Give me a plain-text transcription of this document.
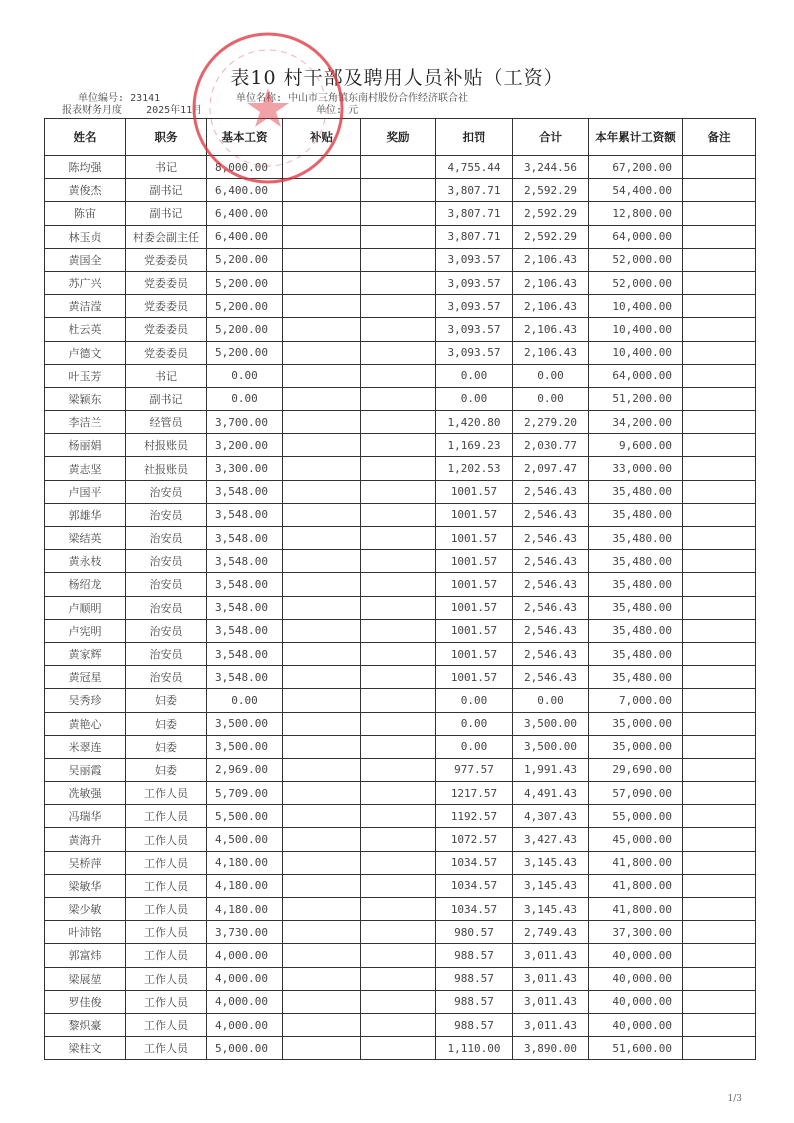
表10 村干部及聘用人员补贴（工资）
单位编号: 23141	单位名称: 中山市三角镇东南村股份合作经济联合社
报表财务月度 2025年11月	单位: 元
姓名	职务	基本工资	补贴	奖励	扣罚	合计	本年累计工资额	备注
陈均强	书记	8,000.00			4,755.44	3,244.56	67,200.00	
黄俊杰	副书记	6,400.00			3,807.71	2,592.29	54,400.00	
陈宙	副书记	6,400.00			3,807.71	2,592.29	12,800.00	
林玉贞	村委会副主任	6,400.00			3,807.71	2,592.29	64,000.00	
黄国全	党委委员	5,200.00			3,093.57	2,106.43	52,000.00	
苏广兴	党委委员	5,200.00			3,093.57	2,106.43	52,000.00	
黄洁滢	党委委员	5,200.00			3,093.57	2,106.43	10,400.00	
杜云英	党委委员	5,200.00			3,093.57	2,106.43	10,400.00	
卢德文	党委委员	5,200.00			3,093.57	2,106.43	10,400.00	
叶玉芳	书记	0.00			0.00	0.00	64,000.00	
梁颖东	副书记	0.00			0.00	0.00	51,200.00	
李洁兰	经管员	3,700.00			1,420.80	2,279.20	34,200.00	
杨丽娟	村报账员	3,200.00			1,169.23	2,030.77	9,600.00	
黄志坚	社报账员	3,300.00			1,202.53	2,097.47	33,000.00	
卢国平	治安员	3,548.00			1001.57	2,546.43	35,480.00	
郭雄华	治安员	3,548.00			1001.57	2,546.43	35,480.00	
梁结英	治安员	3,548.00			1001.57	2,546.43	35,480.00	
黄永枝	治安员	3,548.00			1001.57	2,546.43	35,480.00	
杨绍龙	治安员	3,548.00			1001.57	2,546.43	35,480.00	
卢顺明	治安员	3,548.00			1001.57	2,546.43	35,480.00	
卢宪明	治安员	3,548.00			1001.57	2,546.43	35,480.00	
黄家辉	治安员	3,548.00			1001.57	2,546.43	35,480.00	
黄冠星	治安员	3,548.00			1001.57	2,546.43	35,480.00	
吴秀珍	妇委	0.00			0.00	0.00	7,000.00	
黄艳心	妇委	3,500.00			0.00	3,500.00	35,000.00	
米翠连	妇委	3,500.00			0.00	3,500.00	35,000.00	
吴丽霞	妇委	2,969.00			977.57	1,991.43	29,690.00	
冼敏强	工作人员	5,709.00			1217.57	4,491.43	57,090.00	
冯瑞华	工作人员	5,500.00			1192.57	4,307.43	55,000.00	
黄海升	工作人员	4,500.00			1072.57	3,427.43	45,000.00	
吴桥萍	工作人员	4,180.00			1034.57	3,145.43	41,800.00	
梁敏华	工作人员	4,180.00			1034.57	3,145.43	41,800.00	
梁少敏	工作人员	4,180.00			1034.57	3,145.43	41,800.00	
叶沛铭	工作人员	3,730.00			980.57	2,749.43	37,300.00	
郭富炜	工作人员	4,000.00			988.57	3,011.43	40,000.00	
梁展堃	工作人员	4,000.00			988.57	3,011.43	40,000.00	
罗佳俊	工作人员	4,000.00			988.57	3,011.43	40,000.00	
黎炽豪	工作人员	4,000.00			988.57	3,011.43	40,000.00	
梁柱文	工作人员	5,000.00			1,110.00	3,890.00	51,600.00	
1/3
